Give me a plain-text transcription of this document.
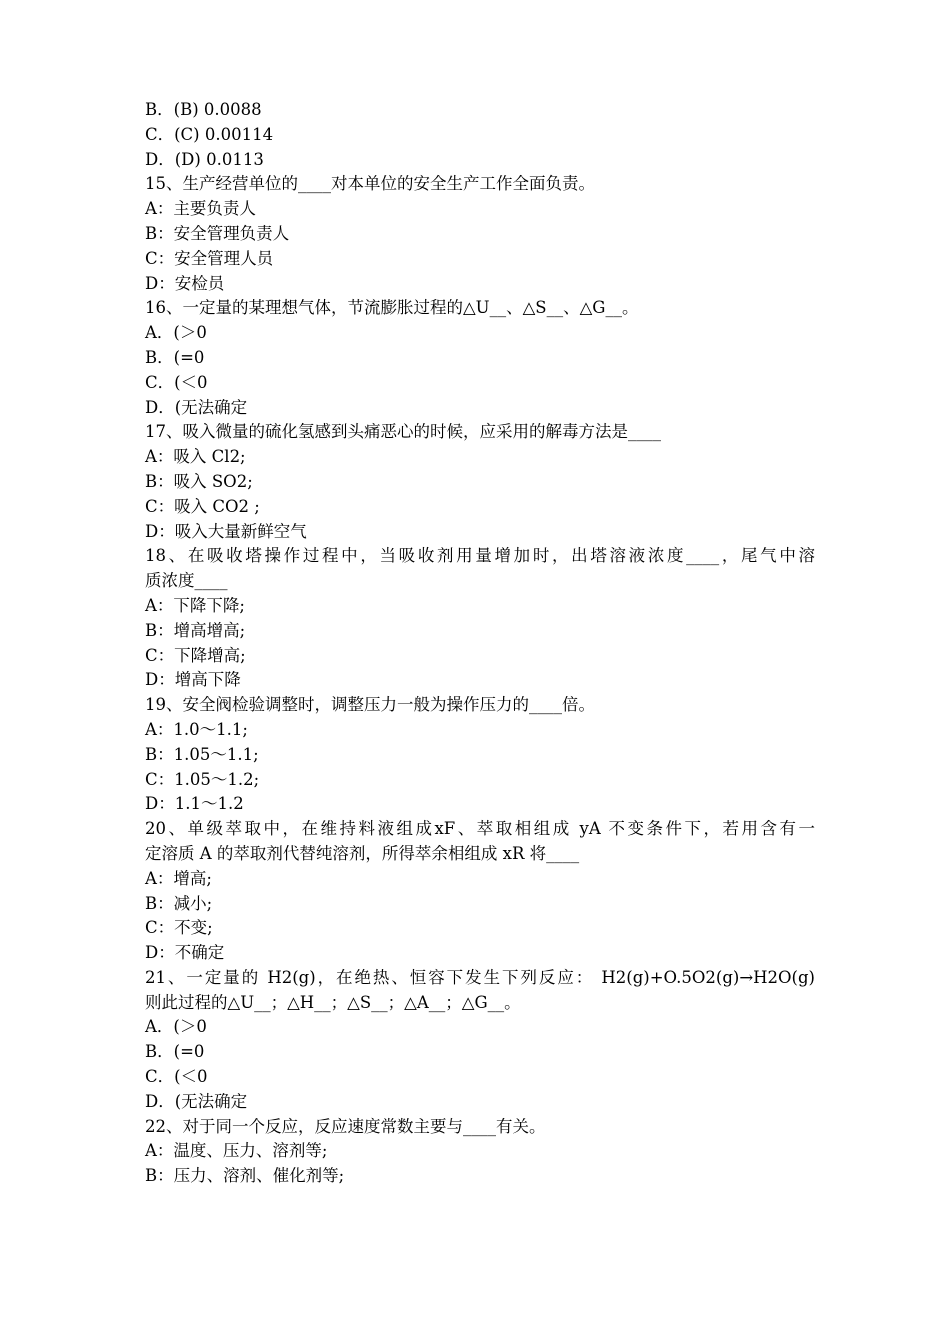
B．(B) 0.0088
C．(C) 0.00114
D．(D) 0.0113
15、生产经营单位的____对本单位的安全生产工作全面负责。
A：主要负责人
B：安全管理负责人
C：安全管理人员
D：安检员
16、一定量的某理想气体，节流膨胀过程的△U__、△S__、△G__。
A．(＞0
B．(=0
C．(＜0
D．(无法确定
17、吸入微量的硫化氢感到头痛恶心的时候，应采用的解毒方法是____
A：吸入 Cl2;
B：吸入 SO2;
C：吸入 CO2 ;
D：吸入大量新鲜空气
18、在吸收塔操作过程中，当吸收剂用量增加时，出塔溶液浓度____，尾气中溶
质浓度____
A：下降下降;
B：增高增高;
C：下降增高;
D：增高下降
19、安全阀检验调整时，调整压力一般为操作压力的____倍。
A：1.0～1.1;
B：1.05～1.1;
C：1.05～1.2;
D：1.1～1.2
20、单级萃取中，在维持料液组成xF、萃取相组成 yA 不变条件下，若用含有一
定溶质 A 的萃取剂代替纯溶剂，所得萃余相组成 xR 将____
A：增高;
B：减小;
C：不变;
D：不确定
21、一定量的 H2(g)，在绝热、恒容下发生下列反应： H2(g)+O.5O2(g)→H2O(g)
则此过程的△U__；△H__；△S__；△A__；△G__。
A．(＞0
B．(=0
C．(＜0
D．(无法确定
22、对于同一个反应，反应速度常数主要与____有关。
A：温度、压力、溶剂等;
B：压力、溶剂、催化剂等;
